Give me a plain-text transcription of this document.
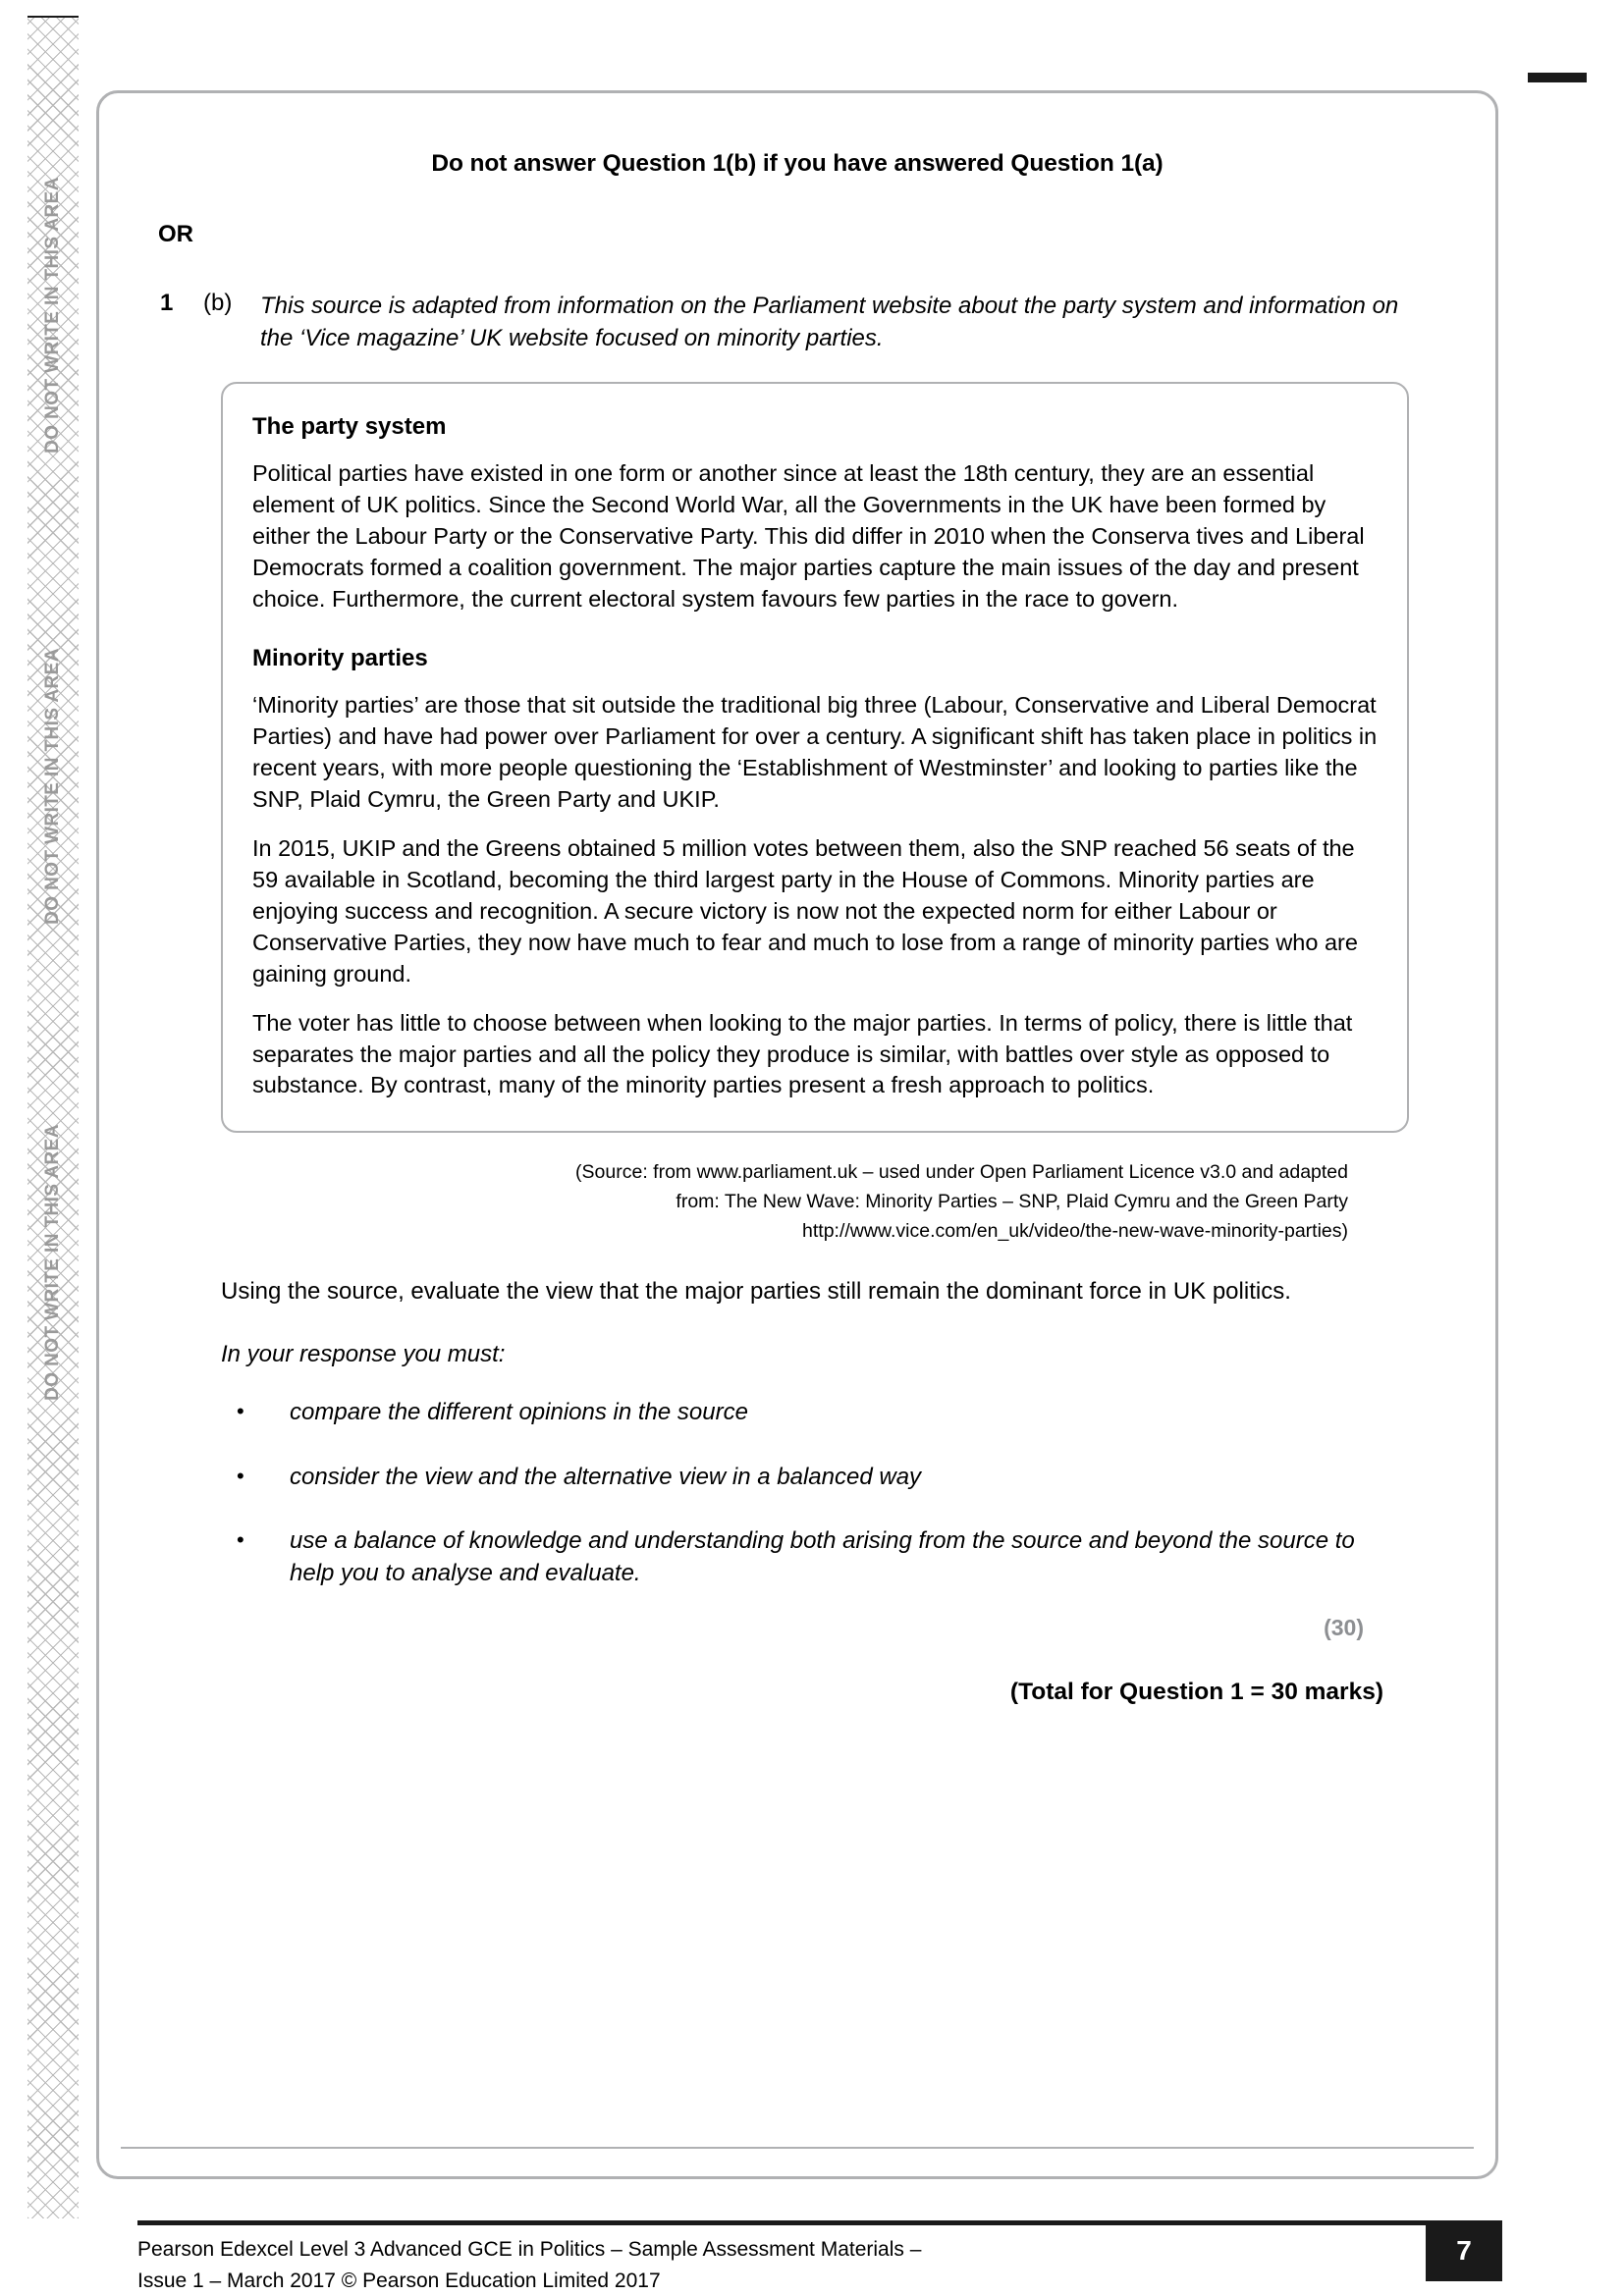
DO NOT WRITE IN THIS AREA
DO NOT WRITE IN THIS AREA
DO NOT WRITE IN THIS AREA
Do not answer Question 1(b) if you have answered Question 1(a)
OR
1	(b)	This source is adapted from information on the Parliament website about the party system and information on the ‘Vice magazine’ UK website focused on minority parties.
The party system

Political parties have existed in one form or another since at least the 18th century, they are an essential element of UK politics. Since the Second World War, all the Governments in the UK have been formed by either the Labour Party or the Conservative Party. This did differ in 2010 when the Conserva tives and Liberal Democrats formed a coalition government. The major parties capture the main issues of the day and present choice. Furthermore, the current electoral system favours few parties in the race to govern.

Minority parties

‘Minority parties’ are those that sit outside the traditional big three (Labour, Conservative and Liberal Democrat Parties) and have had power over Parliament for over a century. A significant shift has taken place in politics in recent years, with more people questioning the ‘Establishment of Westminster’ and looking to parties like the SNP, Plaid Cymru, the Green Party and UKIP.

In 2015, UKIP and the Greens obtained 5 million votes between them, also the SNP reached 56 seats of the 59 available in Scotland, becoming the third largest party in the House of Commons. Minority parties are enjoying success and recognition. A secure victory is now not the expected norm for either Labour or Conservative Parties, they now have much to fear and much to lose from a range of minority parties who are gaining ground.

The voter has little to choose between when looking to the major parties. In terms of policy, there is little that separates the major parties and all the policy they produce is similar, with battles over style as opposed to substance. By contrast, many of the minority parties present a fresh approach to politics.

(Source: from www.parliament.uk – used under Open Parliament Licence v3.0 and adapted
from: The New Wave: Minority Parties – SNP, Plaid Cymru and the Green Party
http://www.vice.com/en_uk/video/the-new-wave-minority-parties)

Using the source, evaluate the view that the major parties still remain the dominant force in UK politics.

In your response you must:
•	compare the different opinions in the source
•	consider the view and the alternative view in a balanced way
•	use a balance of knowledge and understanding both arising from the source and beyond the source to help you to analyse and evaluate.
(30)
(Total for Question 1 = 30 marks)
Pearson Edexcel Level 3 Advanced GCE in Politics – Sample Assessment Materials –
Issue 1 – March 2017 © Pearson Education Limited 2017
7
